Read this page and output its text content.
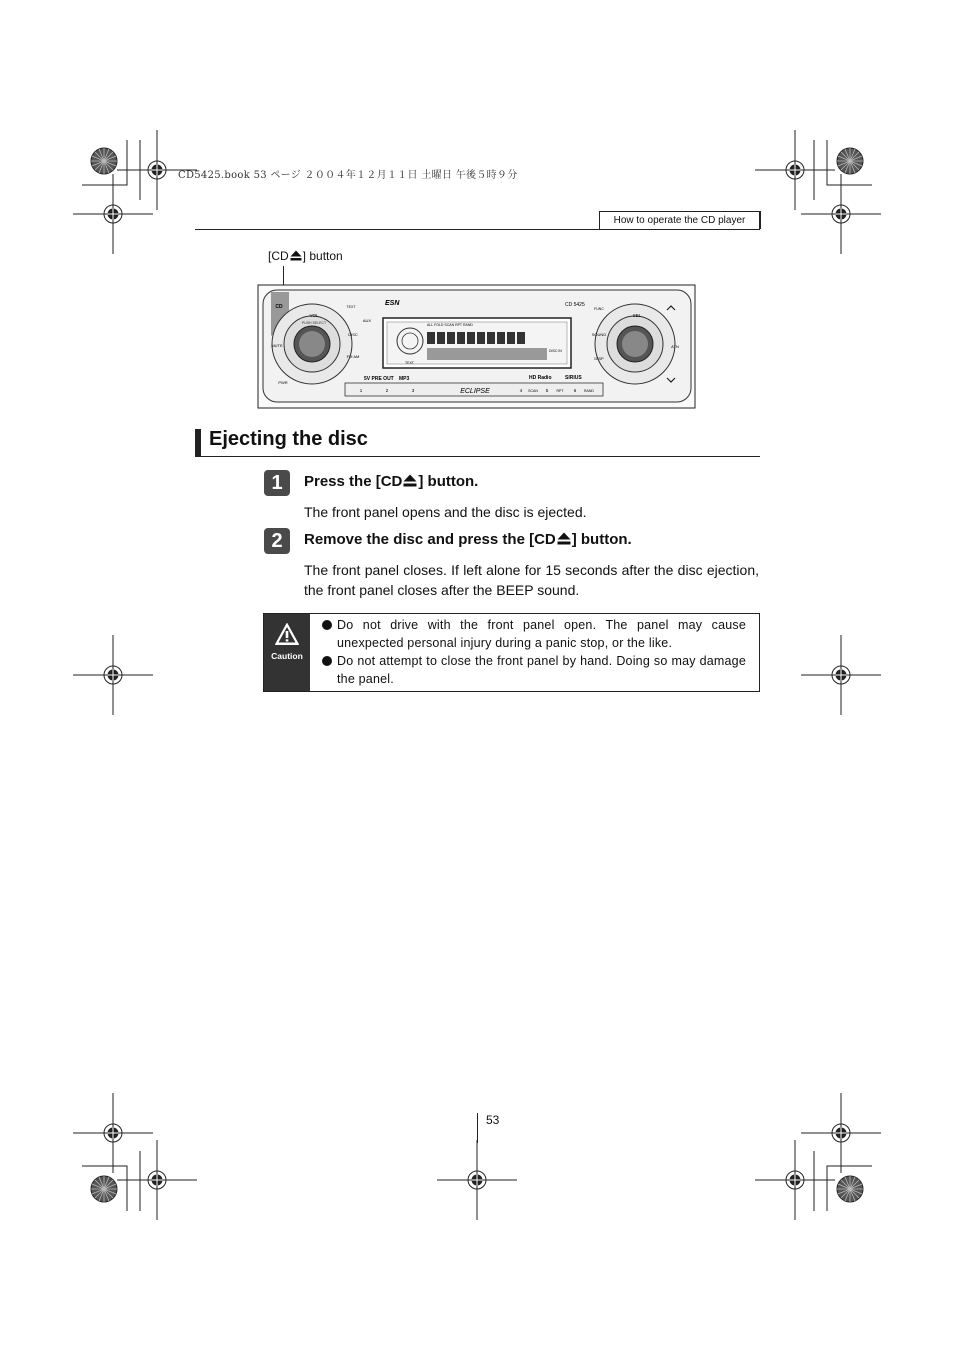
CD5425.book 53 ページ ２００４年１２月１１日 土曜日 午後５時９分
How to operate the CD player
[CD ] button
CD
VOL
PUSH SELECT
MUTE
DISC
FM AM
PWR
AUX
TEXT	ESN	CD 5425
ALL FOLD SCAN RPT RAND
DISC IN
TEXT
5V PRE OUT MP3	HD Radio	SIRIUS
1	2	3	4	5	6
SCAN	RPT	RAND
ECLIPSE
SEL
SOUND
DISP
ATN
FUNC
Ejecting the disc
1	Press the [CD ] button.
The front panel opens and the disc is ejected.
2	Remove the disc and press the [CD ] button.
The front panel closes. If left alone for 15 seconds after the disc ejection, the front panel closes after the BEEP sound.
Caution
Do not drive with the front panel open. The panel may cause unexpected personal injury during a panic stop, or the like.
Do not attempt to close the front panel by hand. Doing so may damage the panel.
53
